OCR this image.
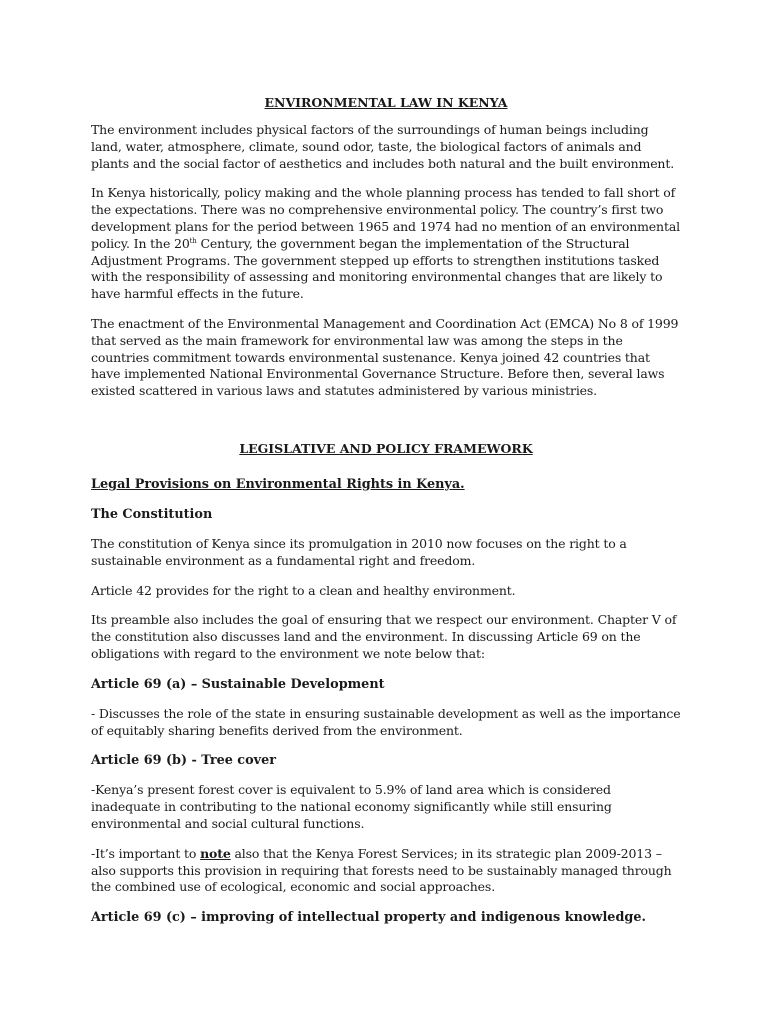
ENVIRONMENTAL LAW IN KENYA

The environment includes physical factors of the surroundings of human beings including land, water, atmosphere, climate, sound odor, taste, the biological factors of animals and plants and the social factor of aesthetics and includes both natural and the built environment.

In Kenya historically, policy making and the whole planning process has tended to fall short of the expectations. There was no comprehensive environmental policy. The country’s first two development plans for the period between 1965 and 1974 had no mention of an environmental policy. In the 20th Century, the government began the implementation of the Structural Adjustment Programs. The government stepped up efforts to strengthen institutions tasked with the responsibility of assessing and monitoring environmental changes that are likely to have harmful effects in the future.

The enactment of the Environmental Management and Coordination Act (EMCA) No 8 of 1999 that served as the main framework for environmental law was among the steps in the countries commitment towards environmental sustenance. Kenya joined 42 countries that have implemented National Environmental Governance Structure. Before then, several laws existed scattered in various laws and statutes administered by various ministries.

LEGISLATIVE AND POLICY FRAMEWORK
Legal Provisions on Environmental Rights in Kenya.
The Constitution

The constitution of Kenya since its promulgation in 2010 now focuses on the right to a sustainable environment as a fundamental right and freedom.

Article 42 provides for the right to a clean and healthy environment.

Its preamble also includes the goal of ensuring that we respect our environment. Chapter V of the constitution also discusses land and the environment. In discussing Article 69 on the obligations with regard to the environment we note below that:

Article 69 (a) – Sustainable Development

- Discusses the role of the state in ensuring sustainable development as well as the importance of equitably sharing benefits derived from the environment.

Article 69 (b) - Tree cover

-Kenya’s present forest cover is equivalent to 5.9% of land area which is considered inadequate in contributing to the national economy significantly while still ensuring environmental and social cultural functions.

-It’s important to note also that the Kenya Forest Services; in its strategic plan 2009-2013 – also supports this provision in requiring that forests need to be sustainably managed through the combined use of ecological, economic and social approaches.

Article 69 (c) – improving of intellectual property and indigenous knowledge.
